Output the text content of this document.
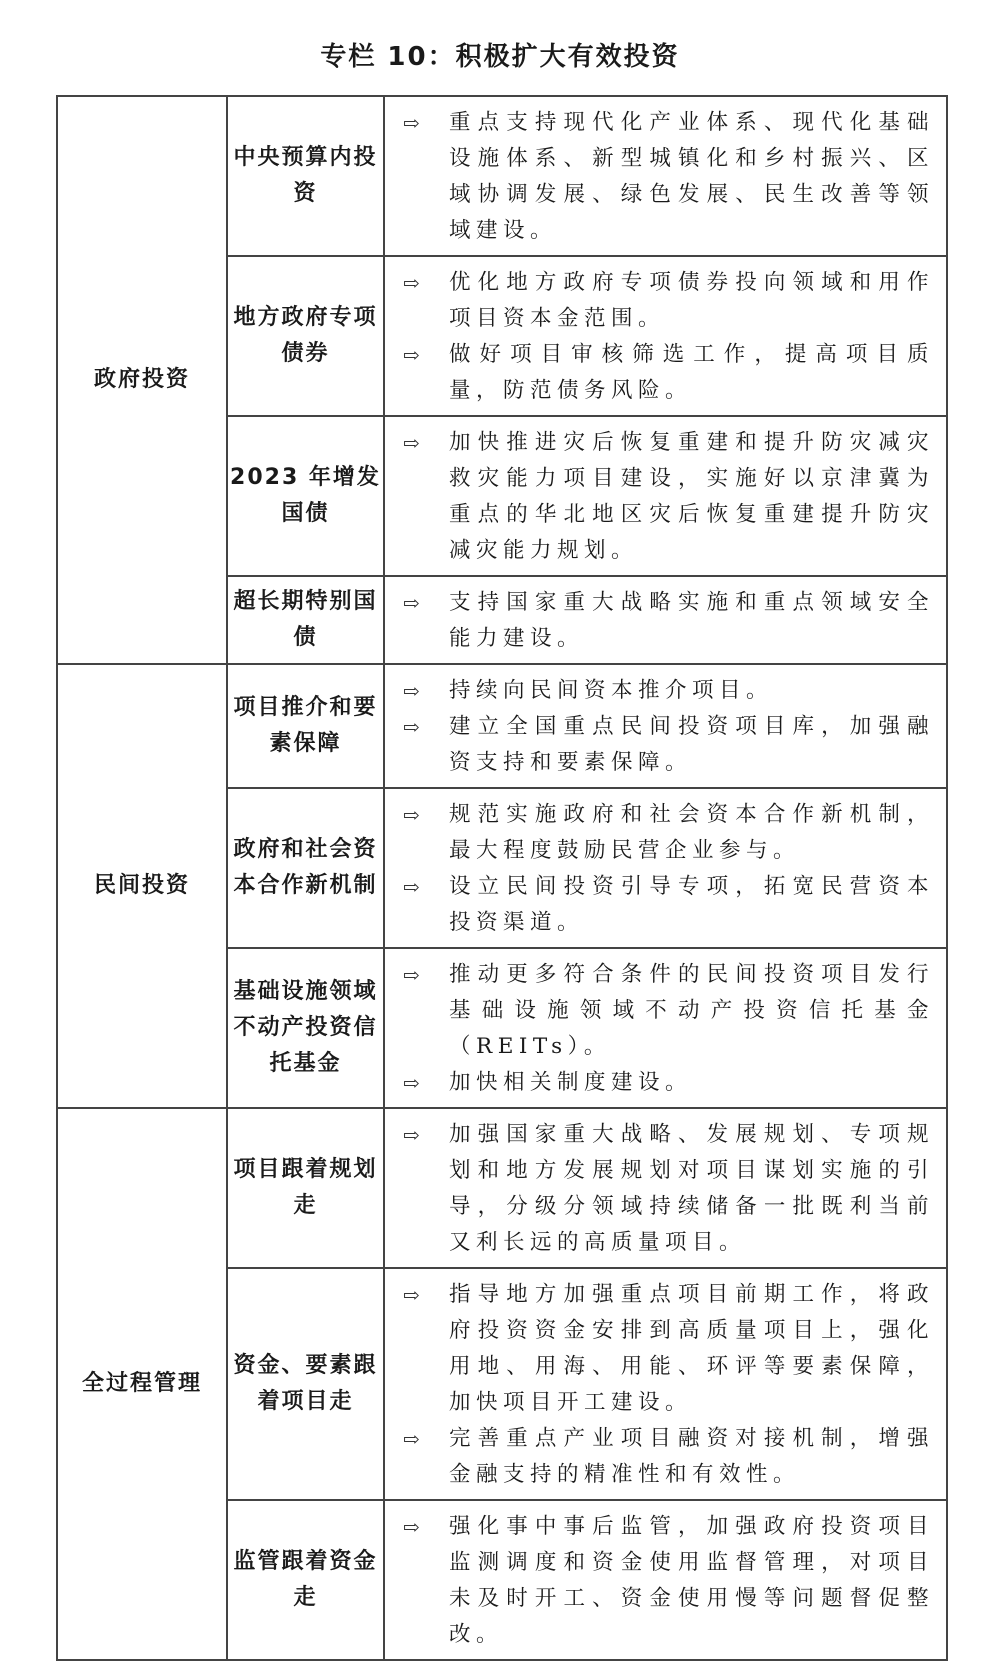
专栏 10：积极扩大有效投资
政府投资	中央预算内投资	⇨ 重点支持现代化产业体系、现代化基础设施体系、新型城镇化和乡村振兴、区域协调发展、绿色发展、民生改善等领域建设。

	地方政府专项债券	⇨ 优化地方政府专项债券投向领域和用作项目资本金范围。
⇨ 做好项目审核筛选工作，提高项目质量，防范债务风险。

	2023 年增发国债	⇨ 加快推进灾后恢复重建和提升防灾减灾救灾能力项目建设，实施好以京津冀为重点的华北地区灾后恢复重建提升防灾减灾能力规划。

	超长期特别国债	⇨ 支持国家重大战略实施和重点领域安全能力建设。

民间投资	项目推介和要素保障	⇨ 持续向民间资本推介项目。
⇨ 建立全国重点民间投资项目库，加强融资支持和要素保障。

	政府和社会资本合作新机制	⇨ 规范实施政府和社会资本合作新机制，最大程度鼓励民营企业参与。
⇨ 设立民间投资引导专项，拓宽民营资本投资渠道。

	基础设施领域不动产投资信托基金	⇨ 推动更多符合条件的民间投资项目发行基础设施领域不动产投资信托基金（REITs）。
⇨ 加快相关制度建设。

全过程管理	项目跟着规划走	⇨ 加强国家重大战略、发展规划、专项规划和地方发展规划对项目谋划实施的引导，分级分领域持续储备一批既利当前又利长远的高质量项目。

	资金、要素跟着项目走	⇨ 指导地方加强重点项目前期工作，将政府投资资金安排到高质量项目上，强化用地、用海、用能、环评等要素保障，加快项目开工建设。
⇨ 完善重点产业项目融资对接机制，增强金融支持的精准性和有效性。

	监管跟着资金走	⇨ 强化事中事后监管，加强政府投资项目监测调度和资金使用监督管理，对项目未及时开工、资金使用慢等问题督促整改。
